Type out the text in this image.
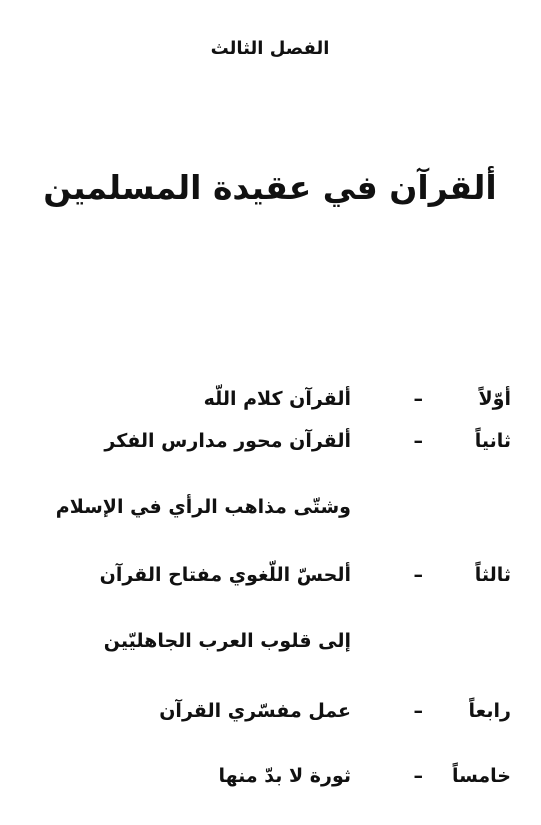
الفصل الثالث
ألقرآن في عقيدة المسلمين
أوّلاً
–
ألقرآن كلام اللّه
ثانياً
–
ألقرآن محور مدارس الفكر
وشتّى مذاهب الرأي في الإسلام
ثالثاً
–
ألحسّ اللّغوي مفتاح القرآن
إلى قلوب العرب الجاهليّين
رابعاً
–
عمل مفسّري القرآن
خامساً
–
ثورة لا بدّ منها
